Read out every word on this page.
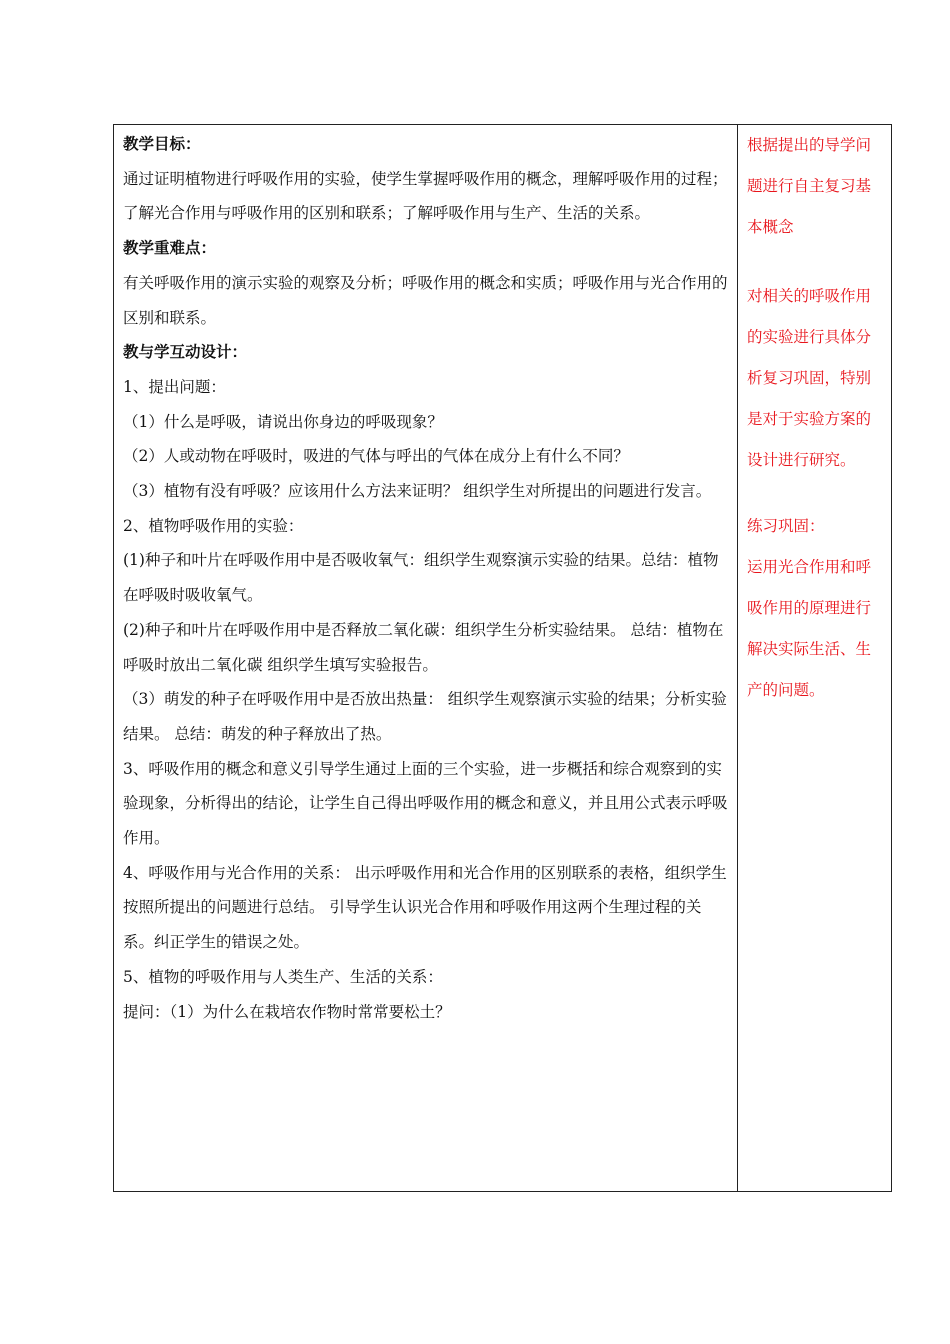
教学目标：

通过证明植物进行呼吸作用的实验，使学生掌握呼吸作用的概念，理解呼吸作用的过程；了解光合作用与呼吸作用的区别和联系；了解呼吸作用与生产、生活的关系。

教学重难点：

有关呼吸作用的演示实验的观察及分析；呼吸作用的概念和实质；呼吸作用与光合作用的区别和联系。

教与学互动设计：

1、提出问题：

（1）什么是呼吸，请说出你身边的呼吸现象？

（2）人或动物在呼吸时，吸进的气体与呼出的气体在成分上有什么不同？

（3）植物有没有呼吸？应该用什么方法来证明？ 组织学生对所提出的问题进行发言。

2、植物呼吸作用的实验：

(1)种子和叶片在呼吸作用中是否吸收氧气：组织学生观察演示实验的结果。总结：植物在呼吸时吸收氧气。

(2)种子和叶片在呼吸作用中是否释放二氧化碳：组织学生分析实验结果。 总结：植物在呼吸时放出二氧化碳 组织学生填写实验报告。

（3）萌发的种子在呼吸作用中是否放出热量： 组织学生观察演示实验的结果；分析实验结果。 总结：萌发的种子释放出了热。

3、呼吸作用的概念和意义引导学生通过上面的三个实验，进一步概括和综合观察到的实验现象，分析得出的结论，让学生自己得出呼吸作用的概念和意义，并且用公式表示呼吸作用。

4、呼吸作用与光合作用的关系： 出示呼吸作用和光合作用的区别联系的表格，组织学生按照所提出的问题进行总结。 引导学生认识光合作用和呼吸作用这两个生理过程的关系。纠正学生的错误之处。

5、植物的呼吸作用与人类生产、生活的关系：

提问：（1）为什么在栽培农作物时常常要松土？

根据提出的导学问题进行自主复习基本概念

对相关的呼吸作用的实验进行具体分析复习巩固，特别是对于实验方案的设计进行研究。

练习巩固：

运用光合作用和呼吸作用的原理进行解决实际生活、生产的问题。
